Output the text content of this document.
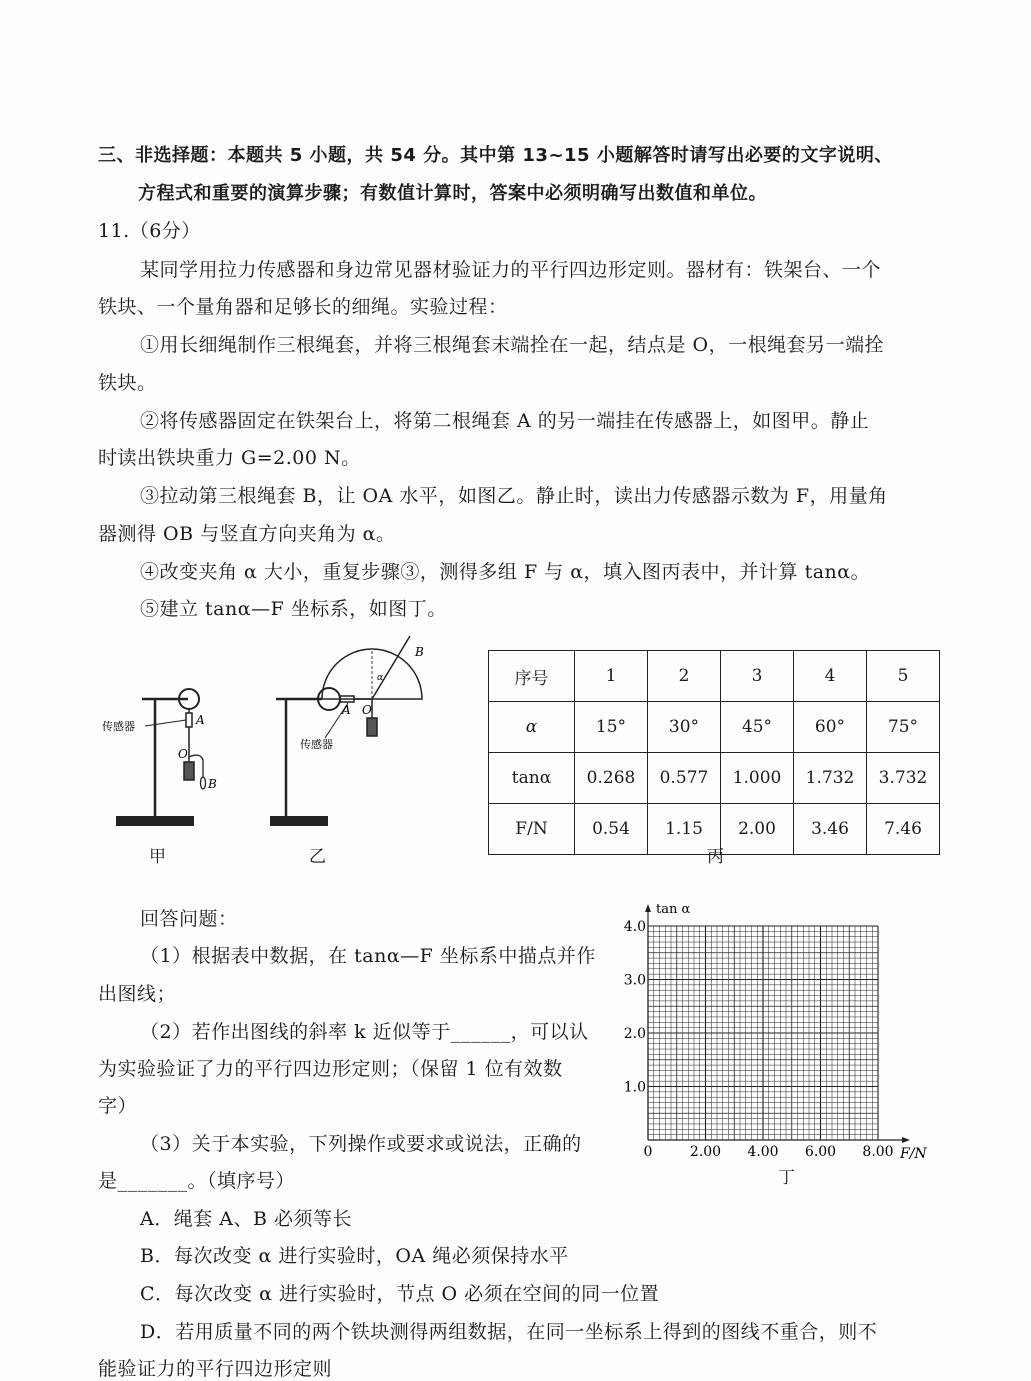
三、非选择题：本题共 5 小题，共 54 分。其中第 13~15 小题解答时请写出必要的文字说明、
方程式和重要的演算步骤；有数值计算时，答案中必须明确写出数值和单位。
11.（6分）
某同学用拉力传感器和身边常见器材验证力的平行四边形定则。器材有：铁架台、一个
铁块、一个量角器和足够长的细绳。实验过程：
①用长细绳制作三根绳套，并将三根绳套末端拴在一起，结点是 O，一根绳套另一端拴
铁块。
②将传感器固定在铁架台上，将第二根绳套 A 的另一端挂在传感器上，如图甲。静止
时读出铁块重力 G=2.00 N。
③拉动第三根绳套 B，让 OA 水平，如图乙。静止时，读出力传感器示数为 F，用量角
器测得 OB 与竖直方向夹角为 α。
④改变夹角 α 大小，重复步骤③，测得多组 F 与 α，填入图丙表中，并计算 tanα。
⑤建立 tanα—F 坐标系，如图丁。
传感器	A
O
B
甲
传感器
A O
B
α
乙
序号	1	2	3	4	5
α	15°	30°	45°	60°	75°
tanα	0.268	0.577	1.000	1.732	3.732
F/N	0.54	1.15	2.00	3.46	7.46
丙
回答问题：
（1）根据表中数据，在 tanα—F 坐标系中描点并作
出图线；
（2）若作出图线的斜率 k 近似等于______，可以认
为实验验证了力的平行四边形定则；（保留 1 位有效数
字）
（3）关于本实验，下列操作或要求或说法，正确的
是_______。（填序号）
0	2.00 4.00 6.00 8.00
1.0
2.0
3.0
4.0
F/N
tan α
丁
A．绳套 A、B 必须等长
B．每次改变 α 进行实验时，OA 绳必须保持水平
C．每次改变 α 进行实验时，节点 O 必须在空间的同一位置
D．若用质量不同的两个铁块测得两组数据，在同一坐标系上得到的图线不重合，则不
能验证力的平行四边形定则
